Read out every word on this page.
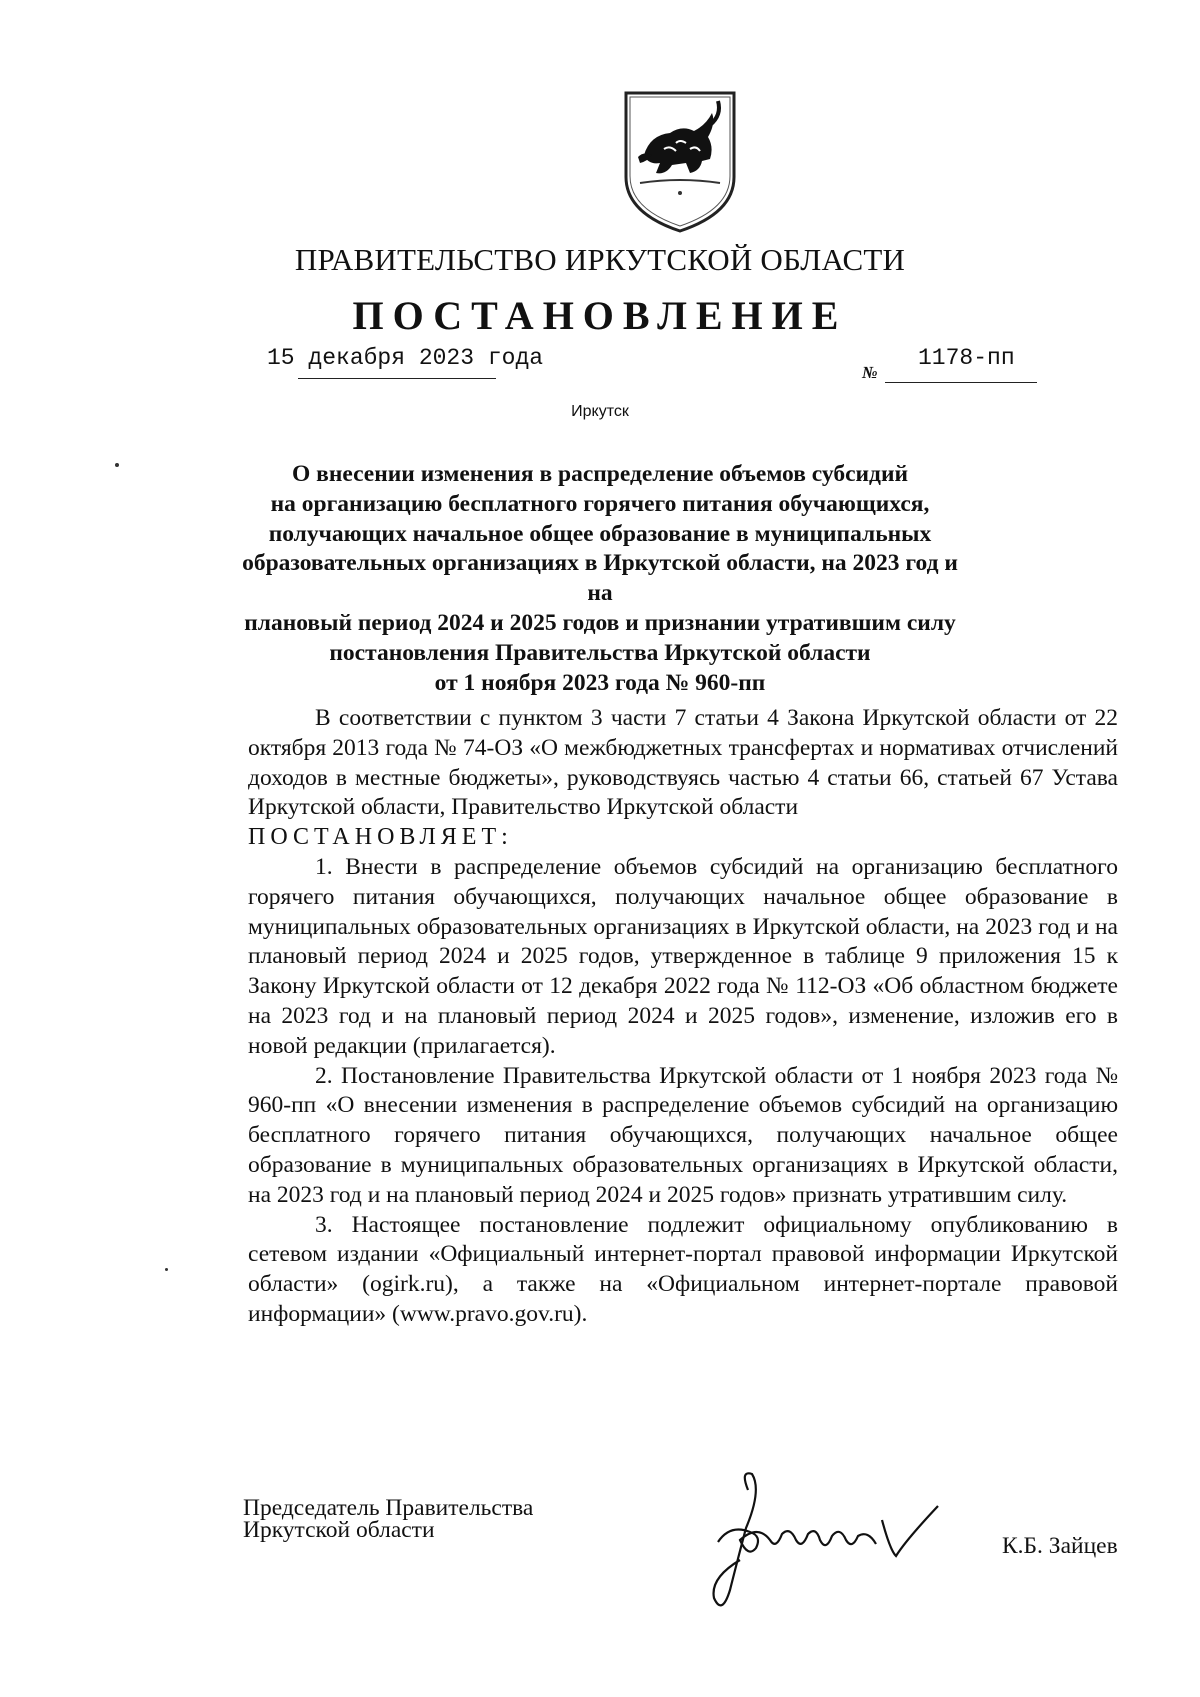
ПРАВИТЕЛЬСТВО ИРКУТСКОЙ ОБЛАСТИ
ПОСТАНОВЛЕНИЕ
15 декабря 2023 года
№
1178-пп
Иркутск
О внесении изменения в распределение объемов субсидий
на организацию бесплатного горячего питания обучающихся,
получающих начальное общее образование в муниципальных
образовательных организациях в Иркутской области, на 2023 год и на
плановый период 2024 и 2025 годов и признании утратившим силу
постановления Правительства Иркутской области
от 1 ноября 2023 года № 960-пп

В соответствии с пунктом 3 части 7 статьи 4 Закона Иркутской области от 22 октября 2013 года № 74-ОЗ «О межбюджетных трансфертах и нормативах отчислений доходов в местные бюджеты», руководствуясь частью 4 статьи 66, статьей 67 Устава Иркутской области, Правительство Иркутской области

ПОСТАНОВЛЯЕТ:

1. Внести в распределение объемов субсидий на организацию бесплатного горячего питания обучающихся, получающих начальное общее образование в муниципальных образовательных организациях в Иркутской области, на 2023 год и на плановый период 2024 и 2025 годов, утвержденное в таблице 9 приложения 15 к Закону Иркутской области от 12 декабря 2022 года № 112-ОЗ «Об областном бюджете на 2023 год и на плановый период 2024 и 2025 годов», изменение, изложив его в новой редакции (прилагается).

2. Постановление Правительства Иркутской области от 1 ноября 2023 года № 960-пп «О внесении изменения в распределение объемов субсидий на организацию бесплатного горячего питания обучающихся, получающих начальное общее образование в муниципальных образовательных организациях в Иркутской области, на 2023 год и на плановый период 2024 и 2025 годов» признать утратившим силу.

3. Настоящее постановление подлежит официальному опубликованию в сетевом издании «Официальный интернет-портал правовой информации Иркутской области» (ogirk.ru), а также на «Официальном интернет-портале правовой информации» (www.pravo.gov.ru).

Председатель Правительства
Иркутской области
К.Б. Зайцев
